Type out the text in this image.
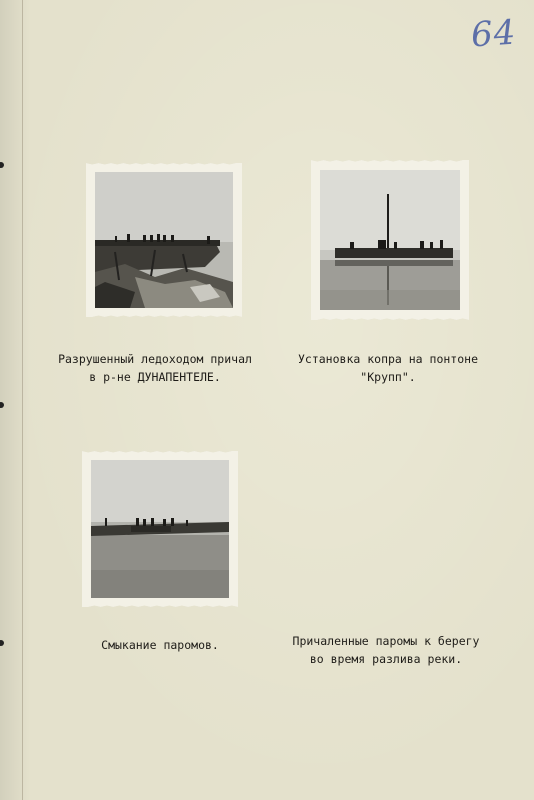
64
Разрушенный ледоходом причал
в р-не ДУНАПЕНТЕЛЕ.
Установка копра на понтоне
"Крупп".
Смыкание паромов.	Причаленные паромы к берегу
во время разлива реки.
